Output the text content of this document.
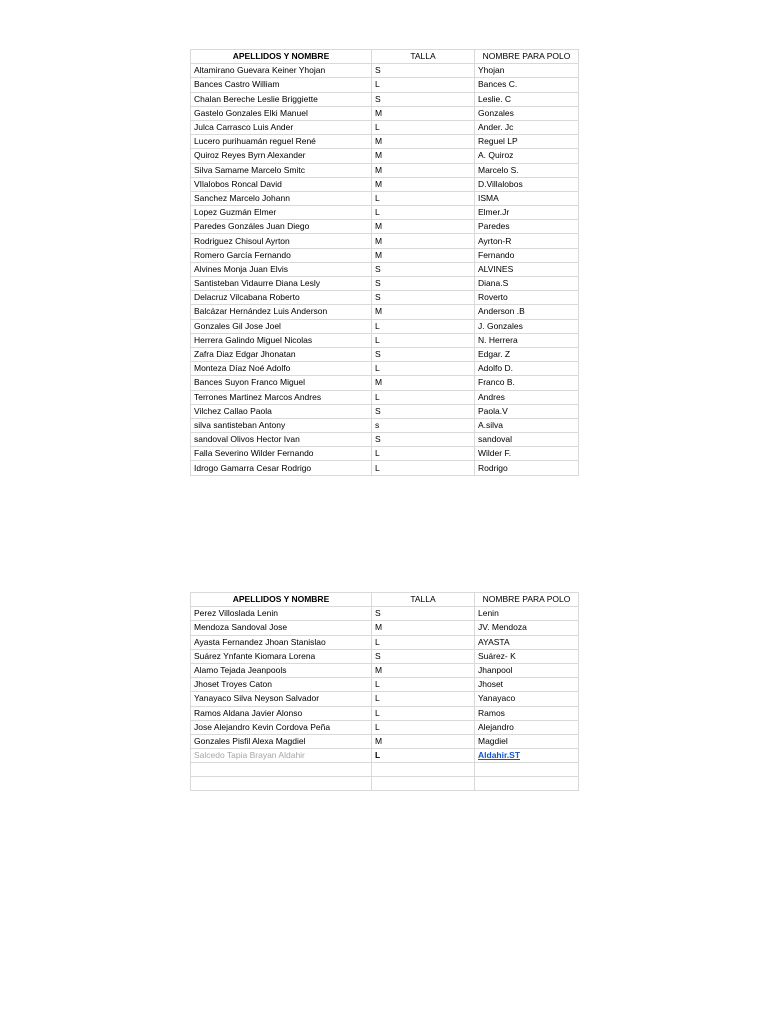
APELLIDOS Y NOMBRE	TALLA	NOMBRE PARA POLO
Altamirano Guevara Keiner Yhojan	S	Yhojan
Bances Castro William	L	Bances C.
Chalan Bereche Leslie Briggiette	S	Leslie. C
Gastelo Gonzales Elki Manuel	M	Gonzales
Julca Carrasco Luis Ander	L	Ander. Jc
Lucero purihuamán reguel René	M	Reguel LP
Quiroz Reyes Byrn Alexander	M	A. Quiroz
Silva Samame Marcelo Smitc	M	Marcelo S.
VIlalobos Roncal David	M	D.Villalobos
Sanchez Marcelo Johann	L	ISMA
Lopez Guzmán Elmer	L	Elmer.Jr
Paredes Gonzáles Juan Diego	M	Paredes
Rodriguez Chisoul Ayrton	M	Ayrton-R
Romero García Fernando	M	Fernando
Alvines Monja Juan Elvis	S	ALVINES
Santisteban Vidaurre Diana Lesly	S	Diana.S
Delacruz Vilcabana Roberto	S	Roverto
Balcázar Hernández Luis Anderson	M	Anderson .B
Gonzales Gil Jose Joel	L	J. Gonzales
Herrera Galindo Miguel Nicolas	L	N. Herrera
Zafra Diaz Edgar Jhonatan	S	Edgar. Z
Monteza Díaz Noé Adolfo	L	Adolfo D.
Bances Suyon Franco Miguel	M	Franco B.
Terrones Martinez Marcos Andres	L	Andres
Vilchez Callao Paola	S	Paola.V
silva santisteban Antony	s	A.silva
sandoval Olivos Hector Ivan	S	sandoval
Falla Severino Wilder Fernando	L	Wilder F.
Idrogo Gamarra Cesar Rodrigo	L	Rodrigo
APELLIDOS Y NOMBRE	TALLA	NOMBRE PARA POLO
Perez Villoslada Lenin	S	Lenin
Mendoza Sandoval Jose	M	JV. Mendoza
Ayasta Fernandez Jhoan Stanislao	L	AYASTA
Suárez Ynfante Kiomara Lorena	S	Suárez- K
Alamo Tejada Jeanpools	M	Jhanpool
Jhoset Troyes Caton	L	Jhoset
Yanayaco Silva Neyson Salvador	L	Yanayaco
Ramos Aldana Javier Alonso	L	Ramos
Jose Alejandro Kevin Cordova Peña	L	Alejandro
Gonzales Pisfil Alexa Magdiel	M	Magdiel
Salcedo Tapia Brayan Aldahir	L	Aldahir.ST
